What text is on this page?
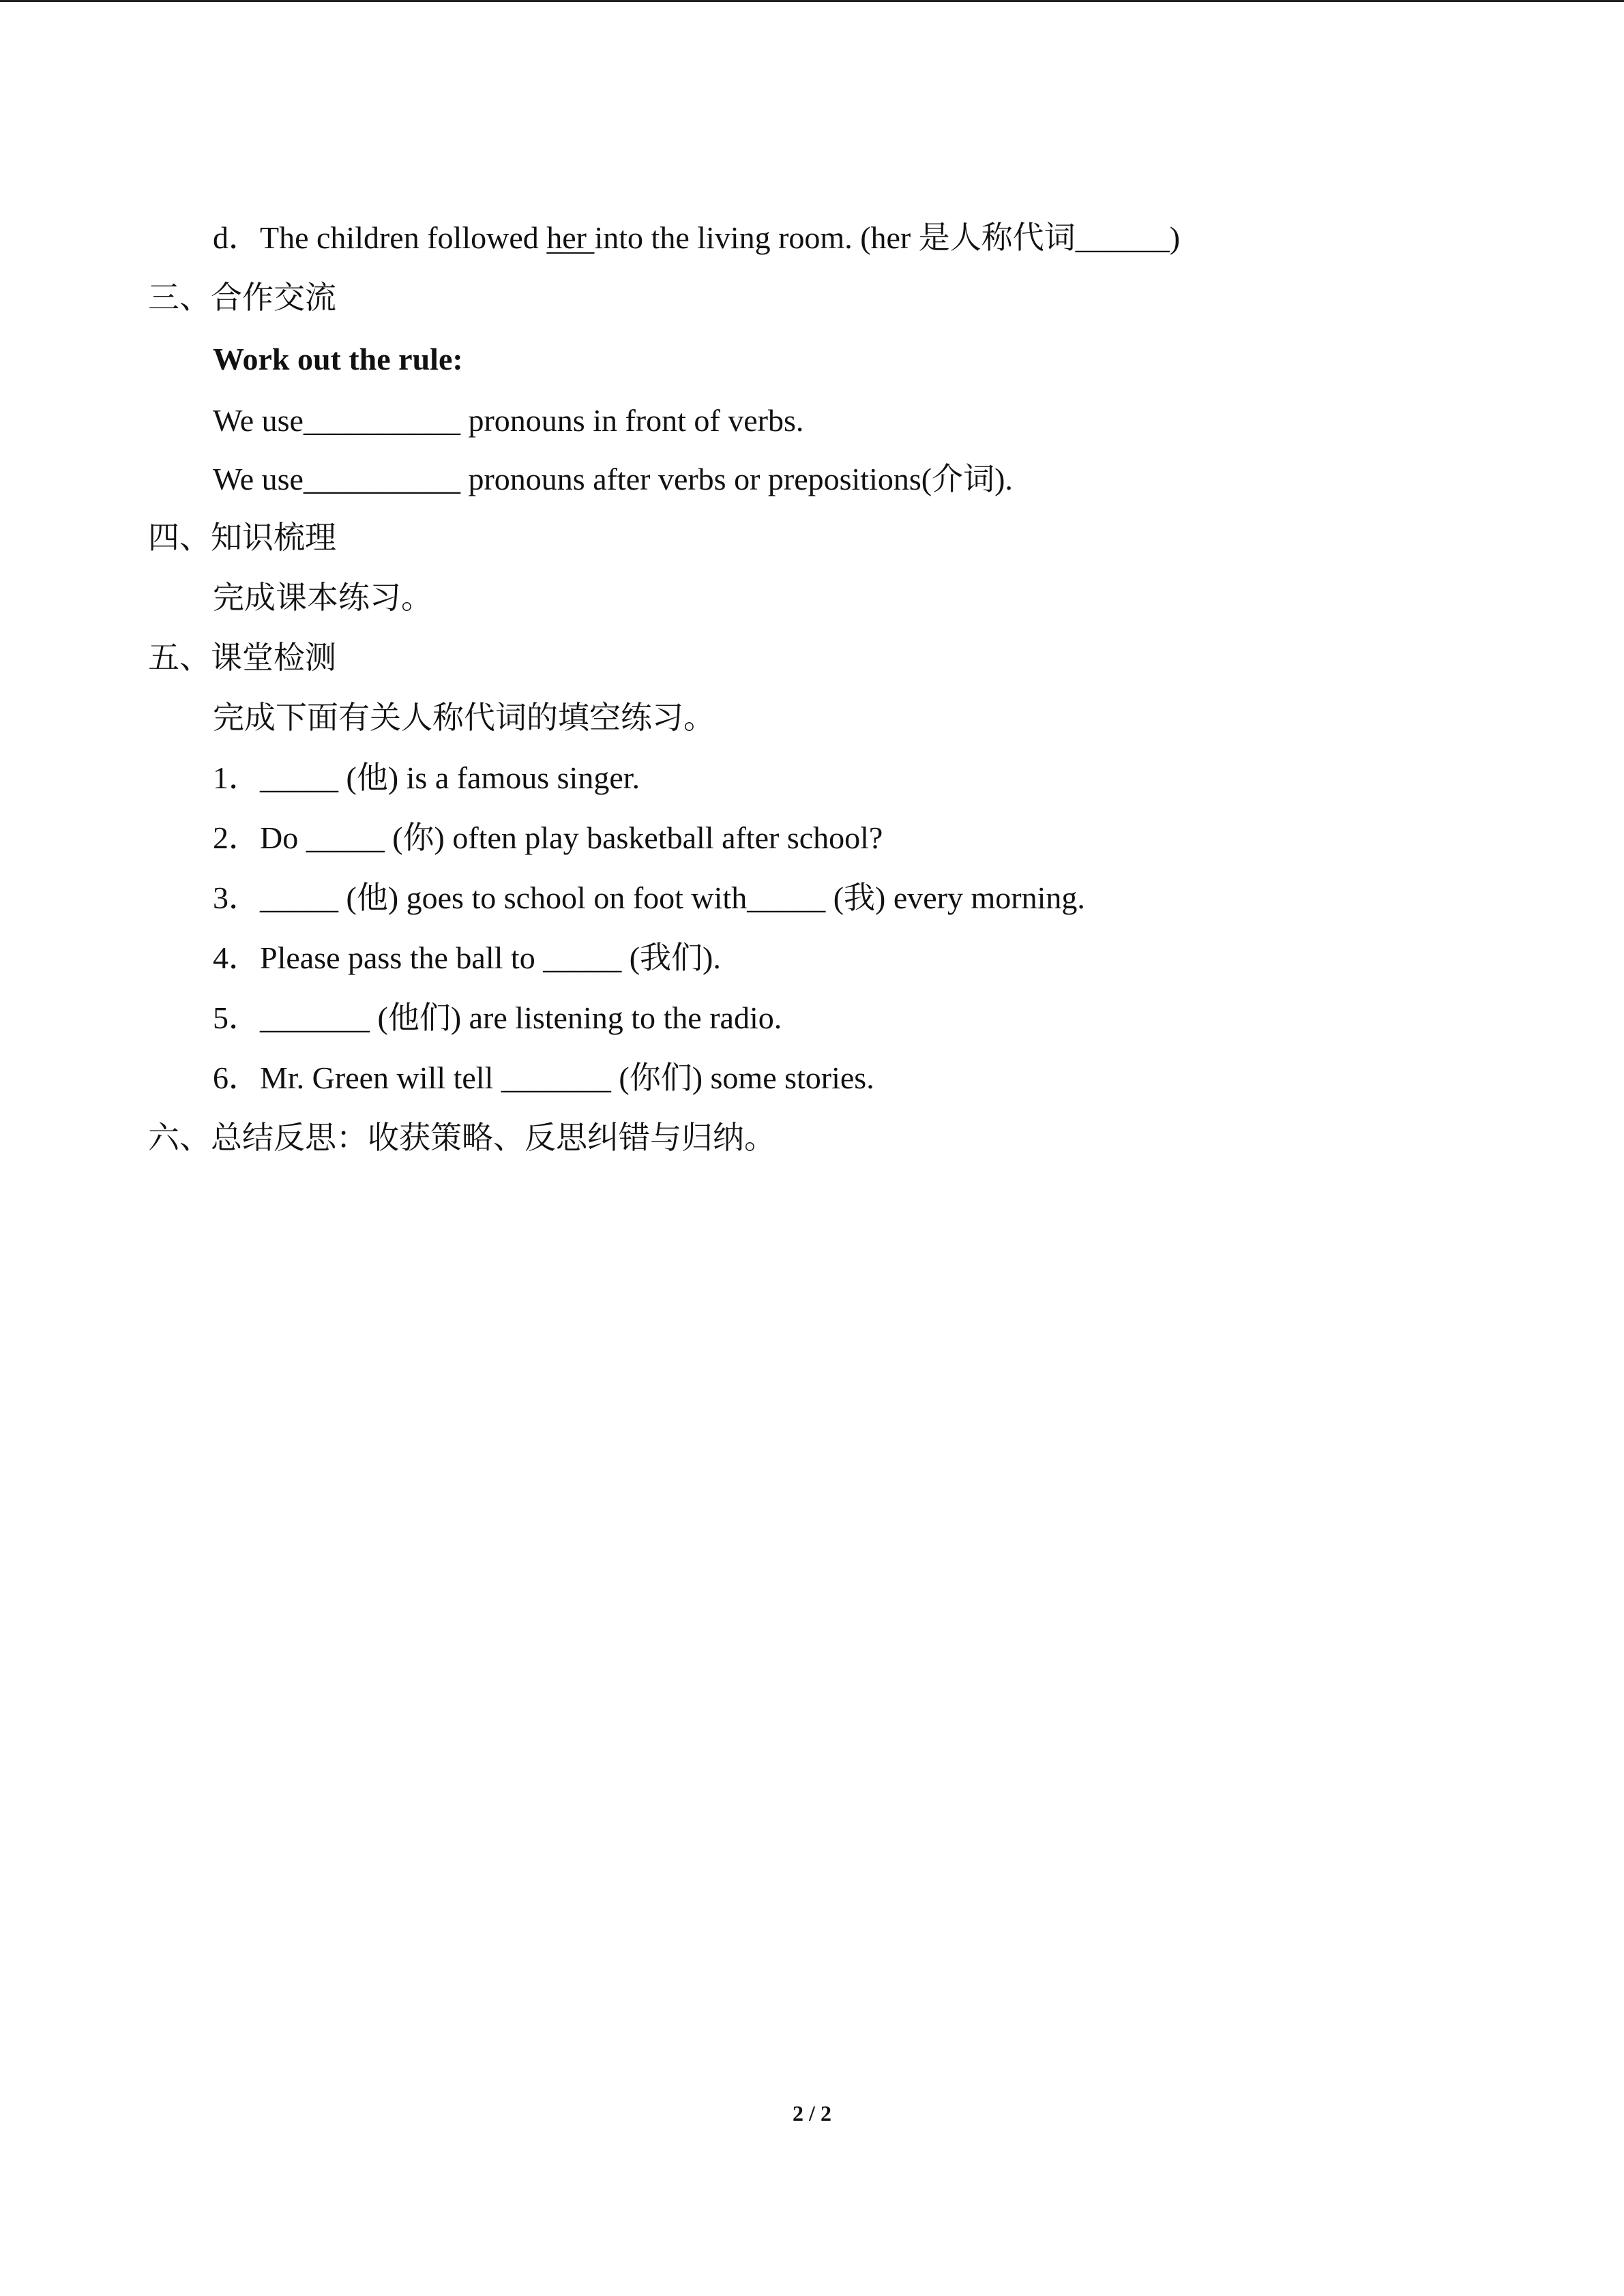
d．The children followed her into the living room. (her 是人称代词______)
三、合作交流
Work out the rule:
We use__________ pronouns in front of verbs.
We use__________ pronouns after verbs or prepositions(介词).
四、知识梳理
完成课本练习。
五、课堂检测
完成下面有关人称代词的填空练习。
1．_____ (他) is a famous singer.
2．Do _____ (你) often play basketball after school?
3．_____ (他) goes to school on foot with_____ (我) every morning.
4．Please pass the ball to _____ (我们).
5．_______ (他们) are listening to the radio.
6．Mr. Green will tell _______ (你们) some stories.
六、总结反思：收获策略、反思纠错与归纳。
2 / 2
